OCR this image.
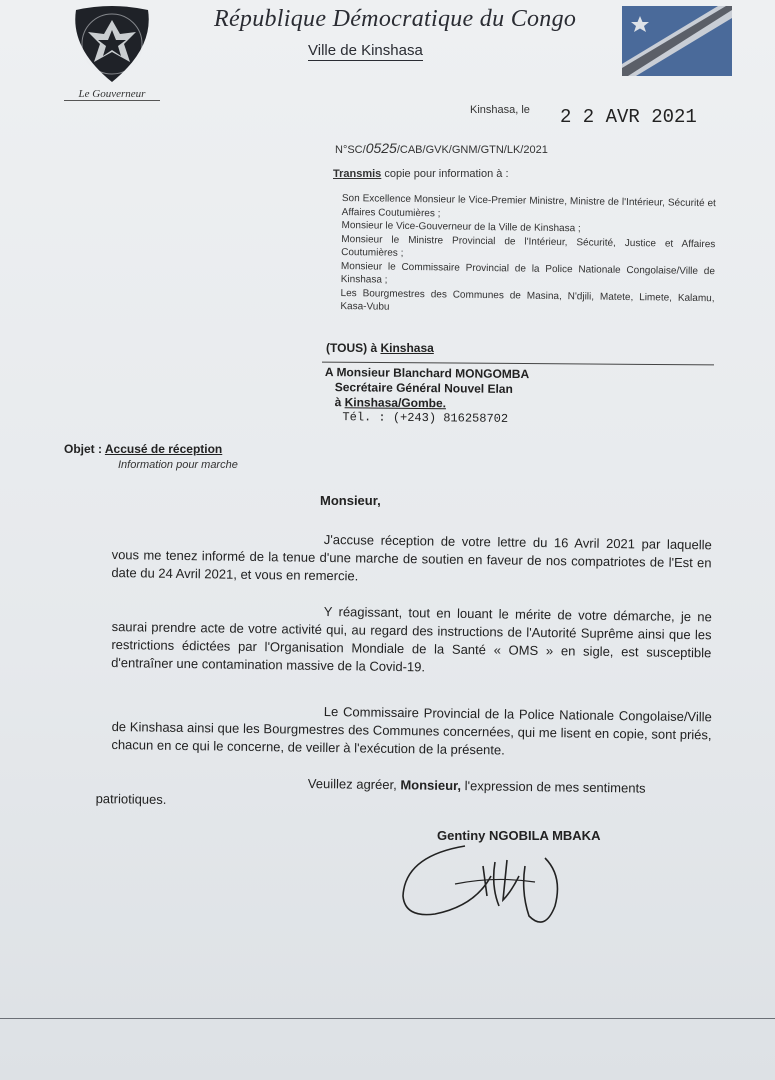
Le Gouverneur
République Démocratique du Congo
Ville de Kinshasa
Kinshasa, le 2 2 AVR 2021
N°SC/0525/CAB/GVK/GNM/GTN/LK/2021
Transmis copie pour information à :
Son Excellence Monsieur le Vice-Premier Ministre, Ministre de l'Intérieur, Sécurité et Affaires Coutumières ;
Monsieur le Vice-Gouverneur de la Ville de Kinshasa ;
Monsieur le Ministre Provincial de l'Intérieur, Sécurité, Justice et Affaires Coutumières ;
Monsieur le Commissaire Provincial de la Police Nationale Congolaise/Ville de Kinshasa ;
Les Bourgmestres des Communes de Masina, N'djili, Matete, Limete, Kalamu, Kasa-Vubu
(TOUS) à Kinshasa
A Monsieur Blanchard MONGOMBA
Secrétaire Général Nouvel Elan
à Kinshasa/Gombe.
Tél. : (+243) 816258702
Objet : Accusé de réception
Information pour marche
Monsieur,
J'accuse réception de votre lettre du 16 Avril 2021 par laquelle vous me tenez informé de la tenue d'une marche de soutien en faveur de nos compatriotes de l'Est en date du 24 Avril 2021, et vous en remercie.
Y réagissant, tout en louant le mérite de votre démarche, je ne saurai prendre acte de votre activité qui, au regard des instructions de l'Autorité Suprême ainsi que les restrictions édictées par l'Organisation Mondiale de la Santé « OMS » en sigle, est susceptible d'entraîner une contamination massive de la Covid-19.
Le Commissaire Provincial de la Police Nationale Congolaise/Ville de Kinshasa ainsi que les Bourgmestres des Communes concernées, qui me lisent en copie, sont priés, chacun en ce qui le concerne, de veiller à l'exécution de la présente.
Veuillez agréer, Monsieur, l'expression de mes sentiments patriotiques.
Gentiny NGOBILA MBAKA
